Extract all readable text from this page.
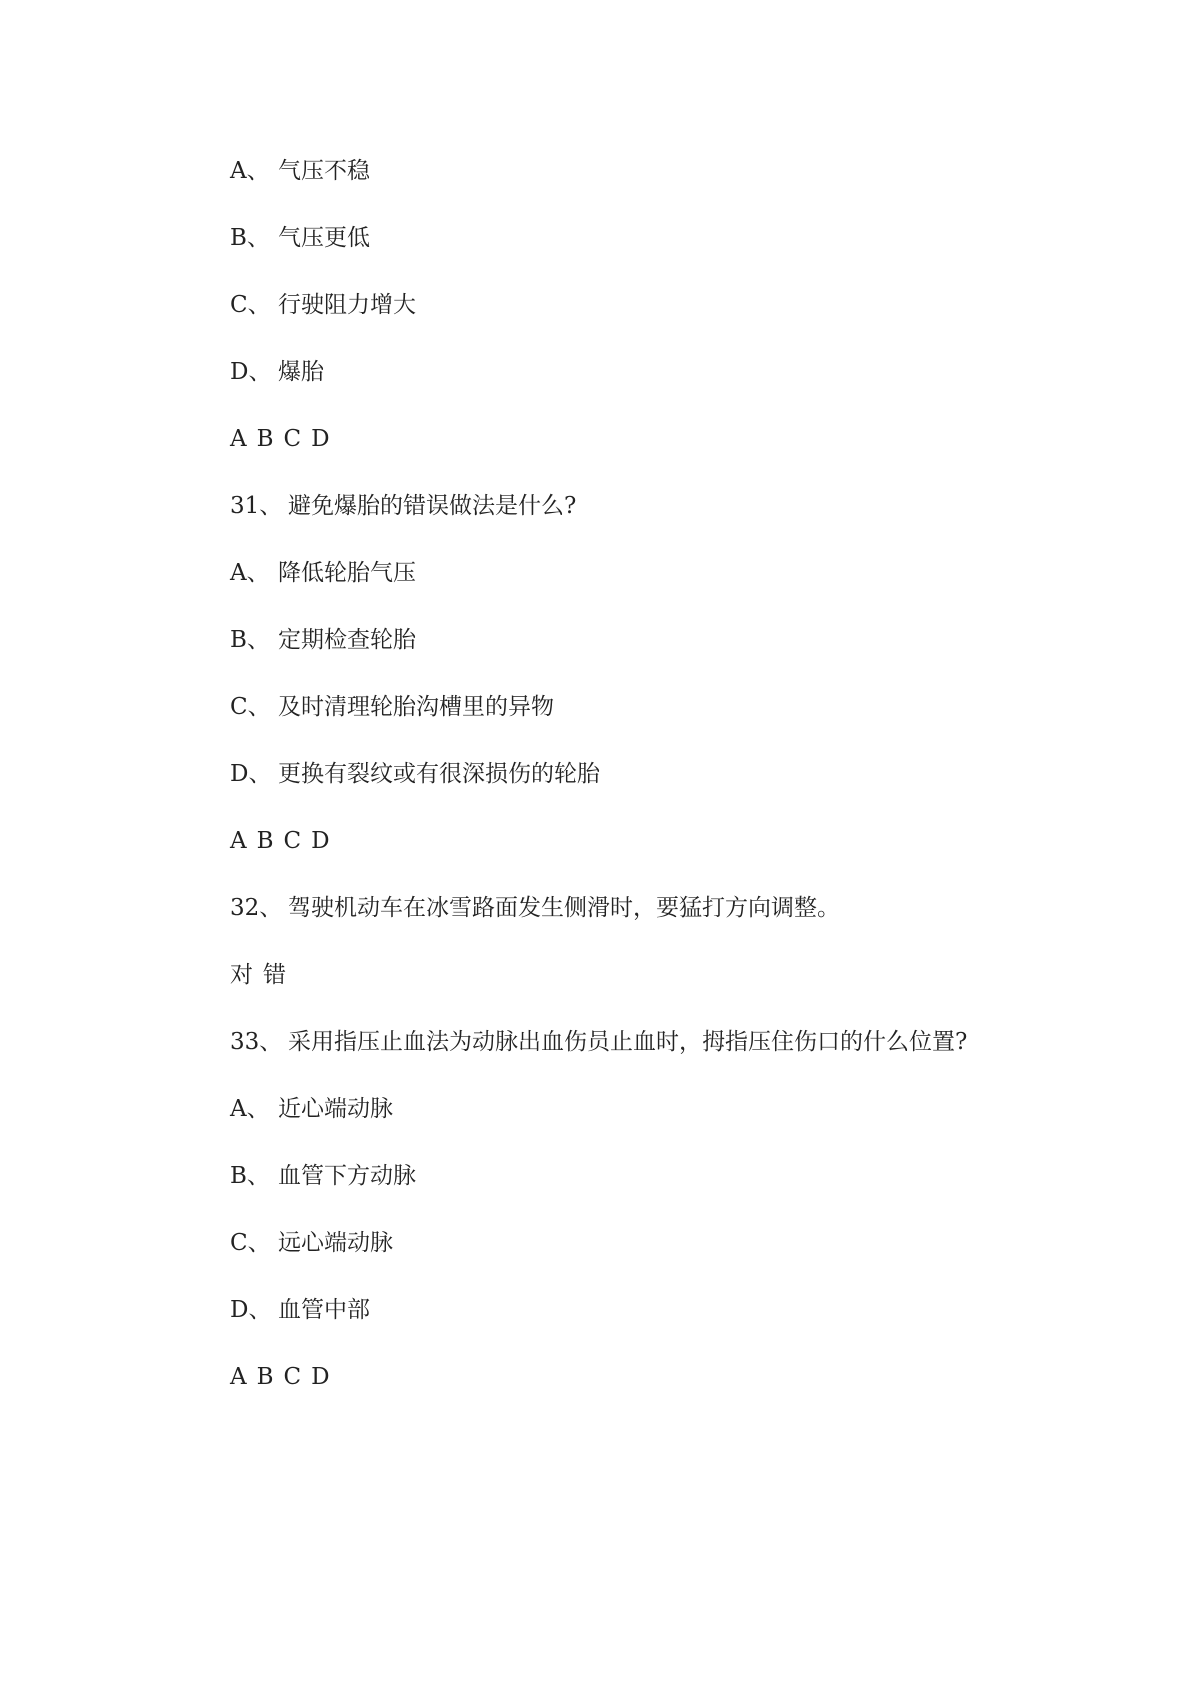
A、 气压不稳
B、 气压更低
C、 行驶阻力增大
D、 爆胎
A B C D
31、 避免爆胎的错误做法是什么?
A、 降低轮胎气压
B、 定期检查轮胎
C、 及时清理轮胎沟槽里的异物
D、 更换有裂纹或有很深损伤的轮胎
A B C D
32、 驾驶机动车在冰雪路面发生侧滑时，要猛打方向调整。
对 错
33、 采用指压止血法为动脉出血伤员止血时，拇指压住伤口的什么位置?
A、 近心端动脉
B、 血管下方动脉
C、 远心端动脉
D、 血管中部
A B C D
